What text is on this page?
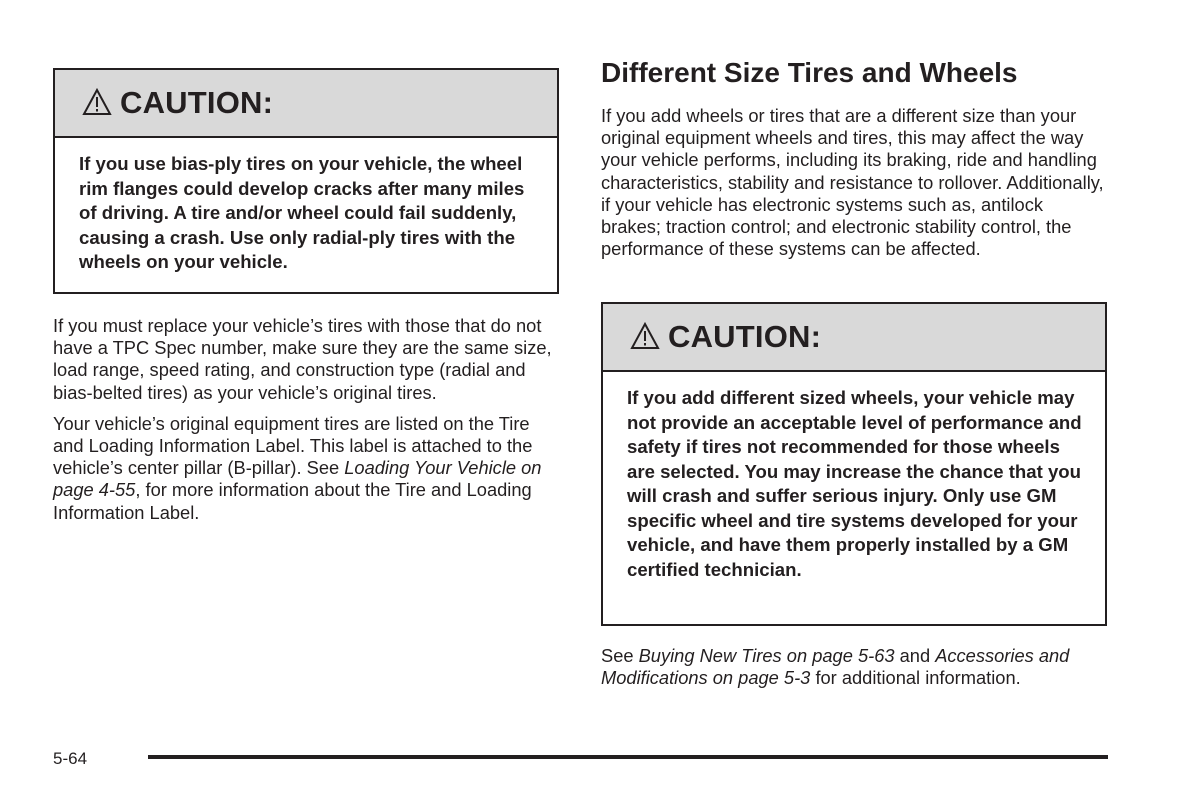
CAUTION:

If you use bias-ply tires on your vehicle, the wheel rim flanges could develop cracks after many miles of driving. A tire and/or wheel could fail suddenly, causing a crash. Use only radial-ply tires with the wheels on your vehicle.

If you must replace your vehicle’s tires with those that do not have a TPC Spec number, make sure they are the same size, load range, speed rating, and construction type (radial and bias-belted tires) as your vehicle’s original tires.

Your vehicle’s original equipment tires are listed on the Tire and Loading Information Label. This label is attached to the vehicle’s center pillar (B-pillar). See Loading Your Vehicle on page 4-55, for more information about the Tire and Loading Information Label.

Different Size Tires and Wheels

If you add wheels or tires that are a different size than your original equipment wheels and tires, this may affect the way your vehicle performs, including its braking, ride and handling characteristics, stability and resistance to rollover. Additionally, if your vehicle has electronic systems such as, antilock brakes; traction control; and electronic stability control, the performance of these systems can be affected.

CAUTION:

If you add different sized wheels, your vehicle may not provide an acceptable level of performance and safety if tires not recommended for those wheels are selected. You may increase the chance that you will crash and suffer serious injury. Only use GM specific wheel and tire systems developed for your vehicle, and have them properly installed by a GM certified technician.

See Buying New Tires on page 5-63 and Accessories and Modifications on page 5-3 for additional information.

5-64
